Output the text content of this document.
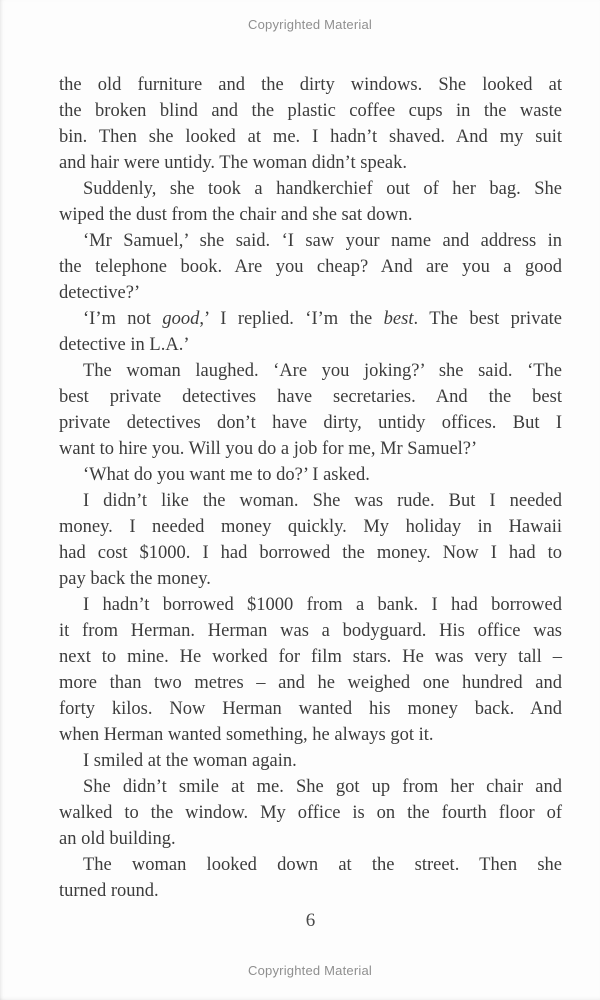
Copyrighted Material
the old furniture and the dirty windows. She looked at
the broken blind and the plastic coffee cups in the waste
bin. Then she looked at me. I hadn’t shaved. And my suit
and hair were untidy. The woman didn’t speak.
Suddenly, she took a handkerchief out of her bag. She
wiped the dust from the chair and she sat down.
‘Mr Samuel,’ she said. ‘I saw your name and address in
the telephone book. Are you cheap? And are you a good
detective?’
‘I’m not good,’ I replied. ‘I’m the best. The best private
detective in L.A.’
The woman laughed. ‘Are you joking?’ she said. ‘The
best private detectives have secretaries. And the best
private detectives don’t have dirty, untidy offices. But I
want to hire you. Will you do a job for me, Mr Samuel?’
‘What do you want me to do?’ I asked.
I didn’t like the woman. She was rude. But I needed
money. I needed money quickly. My holiday in Hawaii
had cost $1000. I had borrowed the money. Now I had to
pay back the money.
I hadn’t borrowed $1000 from a bank. I had borrowed
it from Herman. Herman was a bodyguard. His office was
next to mine. He worked for film stars. He was very tall –
more than two metres – and he weighed one hundred and
forty kilos. Now Herman wanted his money back. And
when Herman wanted something, he always got it.
I smiled at the woman again.
She didn’t smile at me. She got up from her chair and
walked to the window. My office is on the fourth floor of
an old building.
The woman looked down at the street. Then she
turned round.
6
Copyrighted Material
